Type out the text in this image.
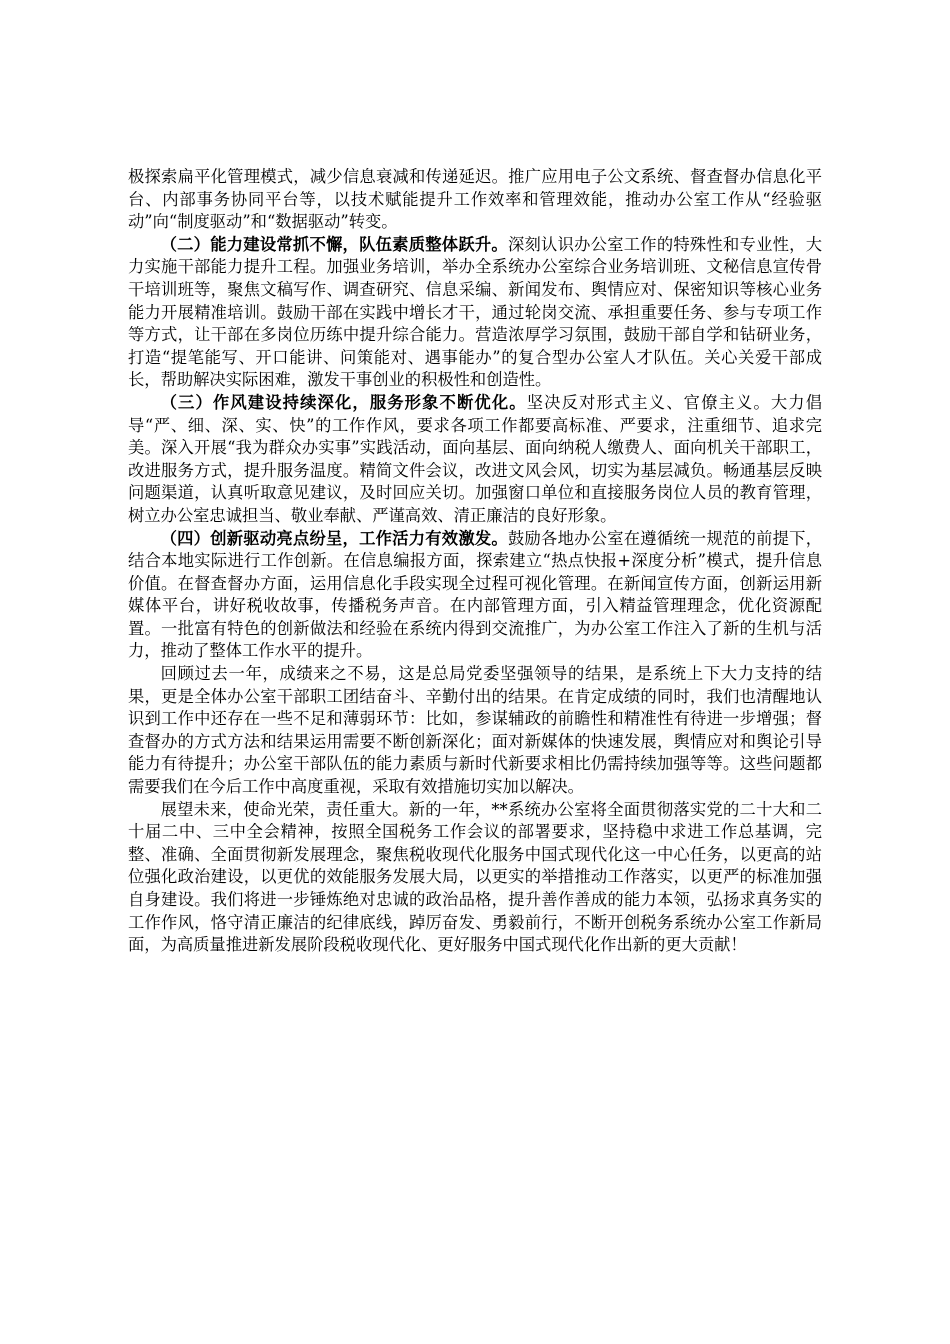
极探索扁平化管理模式，减少信息衰减和传递延迟。推广应用电子公文系统、督查督办信息化平台、内部事务协同平台等，以技术赋能提升工作效率和管理效能，推动办公室工作从“经验驱动”向“制度驱动”和“数据驱动”转变。

（二）能力建设常抓不懈，队伍素质整体跃升。深刻认识办公室工作的特殊性和专业性，大力实施干部能力提升工程。加强业务培训，举办全系统办公室综合业务培训班、文秘信息宣传骨干培训班等，聚焦文稿写作、调查研究、信息采编、新闻发布、舆情应对、保密知识等核心业务能力开展精准培训。鼓励干部在实践中增长才干，通过轮岗交流、承担重要任务、参与专项工作等方式，让干部在多岗位历练中提升综合能力。营造浓厚学习氛围，鼓励干部自学和钻研业务，打造“提笔能写、开口能讲、问策能对、遇事能办”的复合型办公室人才队伍。关心关爱干部成长，帮助解决实际困难，激发干事创业的积极性和创造性。

（三）作风建设持续深化，服务形象不断优化。坚决反对形式主义、官僚主义。大力倡导“严、细、深、实、快”的工作作风，要求各项工作都要高标准、严要求，注重细节、追求完美。深入开展“我为群众办实事”实践活动，面向基层、面向纳税人缴费人、面向机关干部职工，改进服务方式，提升服务温度。精简文件会议，改进文风会风，切实为基层减负。畅通基层反映问题渠道，认真听取意见建议，及时回应关切。加强窗口单位和直接服务岗位人员的教育管理，树立办公室忠诚担当、敬业奉献、严谨高效、清正廉洁的良好形象。

（四）创新驱动亮点纷呈，工作活力有效激发。鼓励各地办公室在遵循统一规范的前提下，结合本地实际进行工作创新。在信息编报方面，探索建立“热点快报+深度分析”模式，提升信息价值。在督查督办方面，运用信息化手段实现全过程可视化管理。在新闻宣传方面，创新运用新媒体平台，讲好税收故事，传播税务声音。在内部管理方面，引入精益管理理念，优化资源配置。一批富有特色的创新做法和经验在系统内得到交流推广，为办公室工作注入了新的生机与活力，推动了整体工作水平的提升。

回顾过去一年，成绩来之不易，这是总局党委坚强领导的结果，是系统上下大力支持的结果，更是全体办公室干部职工团结奋斗、辛勤付出的结果。在肯定成绩的同时，我们也清醒地认识到工作中还存在一些不足和薄弱环节：比如，参谋辅政的前瞻性和精准性有待进一步增强；督查督办的方式方法和结果运用需要不断创新深化；面对新媒体的快速发展，舆情应对和舆论引导能力有待提升；办公室干部队伍的能力素质与新时代新要求相比仍需持续加强等等。这些问题都需要我们在今后工作中高度重视，采取有效措施切实加以解决。

展望未来，使命光荣，责任重大。新的一年，**系统办公室将全面贯彻落实党的二十大和二十届二中、三中全会精神，按照全国税务工作会议的部署要求，坚持稳中求进工作总基调，完整、准确、全面贯彻新发展理念，聚焦税收现代化服务中国式现代化这一中心任务，以更高的站位强化政治建设，以更优的效能服务发展大局，以更实的举措推动工作落实，以更严的标准加强自身建设。我们将进一步锤炼绝对忠诚的政治品格，提升善作善成的能力本领，弘扬求真务实的工作作风，恪守清正廉洁的纪律底线，踔厉奋发、勇毅前行，不断开创税务系统办公室工作新局面，为高质量推进新发展阶段税收现代化、更好服务中国式现代化作出新的更大贡献！
